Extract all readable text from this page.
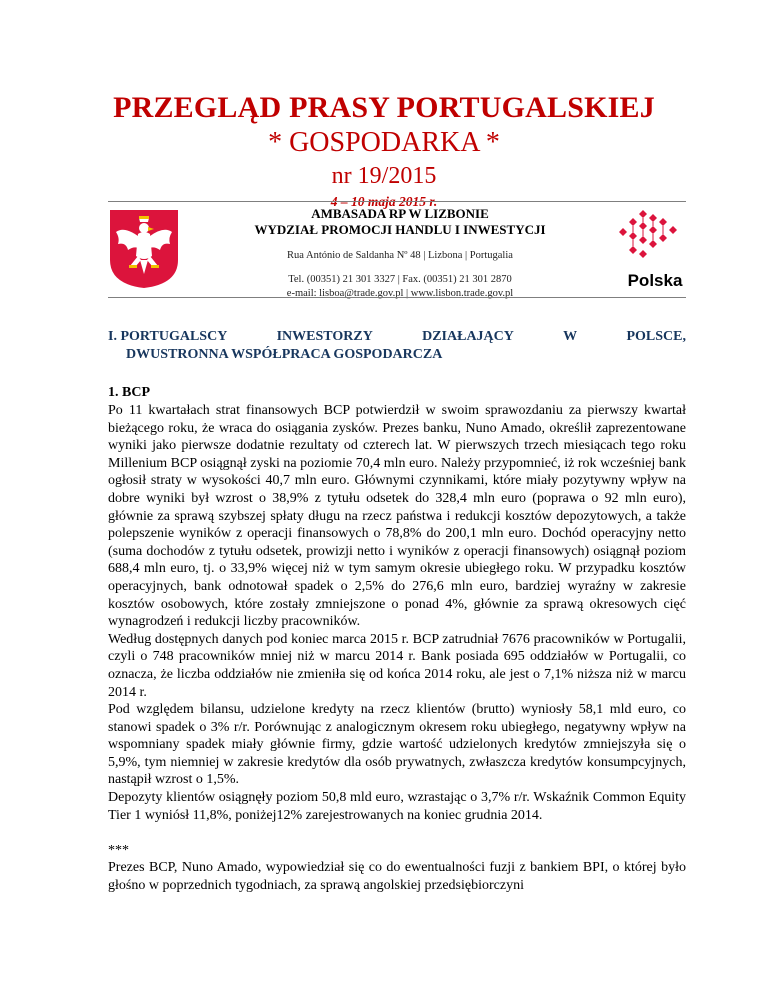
PRZEGLĄD PRASY PORTUGALSKIEJ
* GOSPODARKA *
nr 19/2015
4 – 10 maja 2015 r.
AMBASADA RP W LIZBONIE
WYDZIAŁ PROMOCJI HANDLU I INWESTYCJI
Rua António de Saldanha Nº 48 | Lizbona | Portugalia
Tel. (00351) 21 301 3327 | Fax. (00351) 21 301 2870
e-mail: lisboa@trade.gov.pl | www.lisbon.trade.gov.pl
Polska
I. PORTUGALSCY	INWESTORZY	DZIAŁAJĄCY	W	POLSCE,
DWUSTRONNA WSPÓŁPRACA GOSPODARCZA
1. BCP

Po 11 kwartałach strat finansowych BCP potwierdził w swoim sprawozdaniu za pierwszy kwartał bieżącego roku, że wraca do osiągania zysków. Prezes banku, Nuno Amado, określił zaprezentowane wyniki jako pierwsze dodatnie rezultaty od czterech lat. W pierwszych trzech miesiącach tego roku Millenium BCP osiągnął zyski na poziomie 70,4 mln euro. Należy przypomnieć, iż rok wcześniej bank ogłosił straty w wysokości 40,7 mln euro. Głównymi czynnikami, które miały pozytywny wpływ na dobre wyniki był wzrost o 38,9% z tytułu odsetek do 328,4 mln euro (poprawa o 92 mln euro), głównie za sprawą szybszej spłaty długu na rzecz państwa i redukcji kosztów depozytowych, a także polepszenie wyników z operacji finansowych o 78,8% do 200,1 mln euro. Dochód operacyjny netto (suma dochodów z tytułu odsetek, prowizji netto i wyników z operacji finansowych) osiągnął poziom 688,4 mln euro, tj. o 33,9% więcej niż w tym samym okresie ubiegłego roku. W przypadku kosztów operacyjnych, bank odnotował spadek o 2,5% do 276,6 mln euro, bardziej wyraźny w zakresie kosztów osobowych, które zostały zmniejszone o ponad 4%, głównie za sprawą okresowych cięć wynagrodzeń i redukcji liczby pracowników.

Według dostępnych danych pod koniec marca 2015 r. BCP zatrudniał 7676 pracowników w Portugalii, czyli o 748 pracowników mniej niż w marcu 2014 r. Bank posiada 695 oddziałów w Portugalii, co oznacza, że liczba oddziałów nie zmieniła się od końca 2014 roku, ale jest o 7,1% niższa niż w marcu 2014 r.

Pod względem bilansu, udzielone kredyty na rzecz klientów (brutto) wyniosły 58,1 mld euro, co stanowi spadek o 3% r/r. Porównując z analogicznym okresem roku ubiegłego, negatywny wpływ na wspomniany spadek miały głównie firmy, gdzie wartość udzielonych kredytów zmniejszyła się o 5,9%, tym niemniej w zakresie kredytów dla osób prywatnych, zwłaszcza kredytów konsumpcyjnych, nastąpił wzrost o 1,5%.

Depozyty klientów osiągnęły poziom 50,8 mld euro, wzrastając o 3,7% r/r. Wskaźnik Common Equity Tier 1 wyniósł 11,8%, poniżej12% zarejestrowanych na koniec grudnia 2014.

***

Prezes BCP, Nuno Amado, wypowiedział się co do ewentualności fuzji z bankiem BPI, o której było głośno w poprzednich tygodniach, za sprawą angolskiej przedsiębiorczyni
